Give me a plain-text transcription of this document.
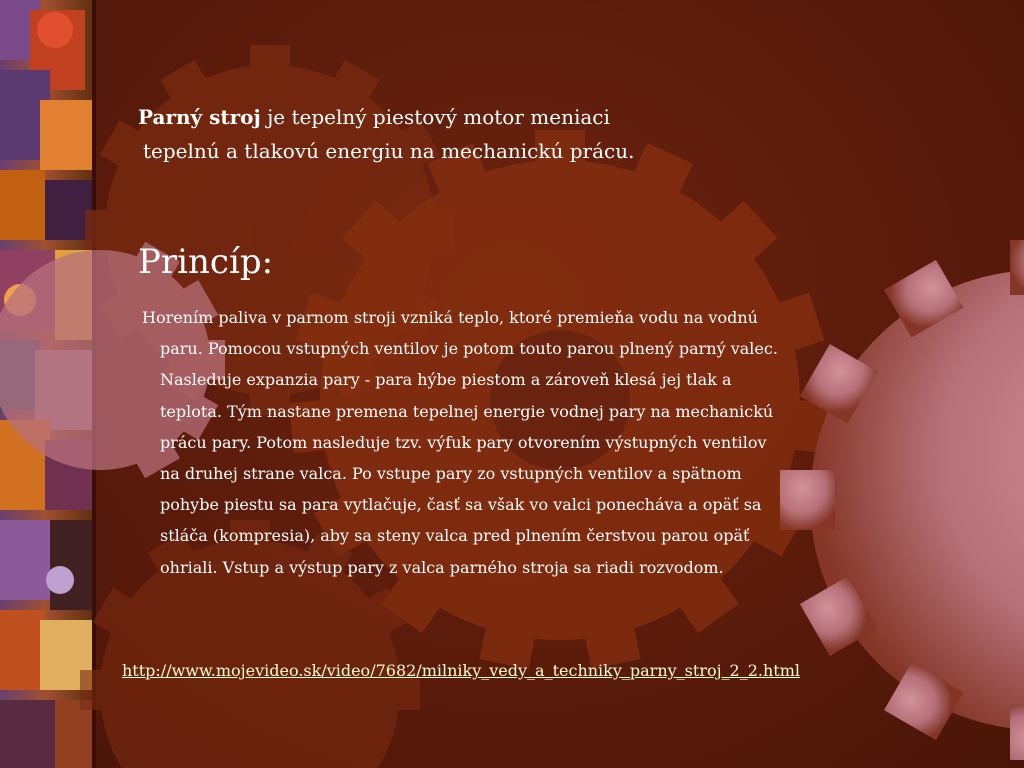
Parný stroj je tepelný piestový motor meniaci
tepelnú a tlakovú energiu na mechanickú prácu.
Princíp:
Horením paliva v parnom stroji vzniká teplo, ktoré premieňa vodu na vodnú paru. Pomocou vstupných ventilov je potom touto parou plnený parný valec. Nasleduje expanzia pary - para hýbe piestom a zároveň klesá jej tlak a teplota. Tým nastane premena tepelnej energie vodnej pary na mechanickú prácu pary. Potom nasleduje tzv. výfuk pary otvorením výstupných ventilov na druhej strane valca. Po vstupe pary zo vstupných ventilov a spätnom pohybe piestu sa para vytlačuje, časť sa však vo valci ponecháva a opäť sa stláča (kompresia), aby sa steny valca pred plnením čerstvou parou opäť ohriali. Vstup a výstup pary z valca parného stroja sa riadi rozvodom.
http://www.mojevideo.sk/video/7682/milniky_vedy_a_techniky_parny_stroj_2_2.html
